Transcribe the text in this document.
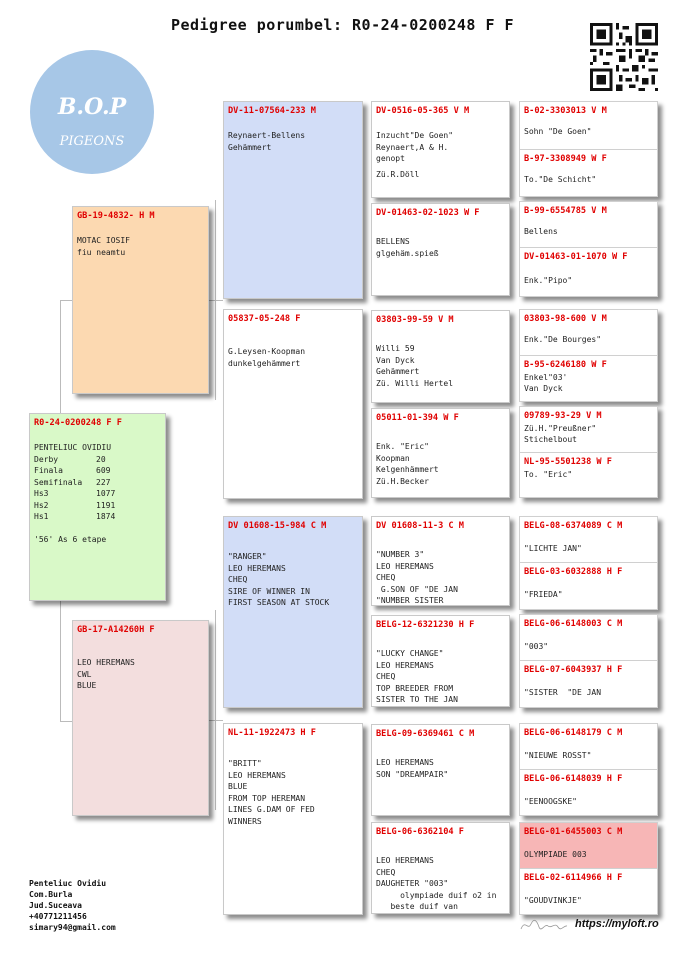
Pedigree porumbel: R0-24-0200248 F F
B.O.P
PIGEONS
R0-24-0200248 F F
PENTELIUC OVIDIU
Derby	20
Finala	609
Semifinala	227
Hs3	1077
Hs2	1191
Hs1	1874
'56' As 6 etape
GB-19-4832- H M
MOTAC IOSIF
fiu neamtu
GB-17-A14260H F
LEO HEREMANS
CWL
BLUE
DV-11-07564-233 M
Reynaert-Bellens
Gehämmert
05837-05-248 F
G.Leysen-Koopman
dunkelgehämmert
DV 01608-15-984 C M
"RANGER"
LEO HEREMANS
CHEQ
SIRE OF WINNER IN
FIRST SEASON AT STOCK
NL-11-1922473 H F
"BRITT"
LEO HEREMANS
BLUE
FROM TOP HEREMAN
LINES G.DAM OF FED
WINNERS
DV-0516-05-365 V M
Inzucht"De Goen"
Reynaert,A & H.
genopt
Zü.R.Döll
DV-01463-02-1023 W F
BELLENS
glgehäm.spieß
03803-99-59 V M
Willi 59
Van Dyck
Gehämmert
Zü. Willi Hertel
05011-01-394 W F
Enk. "Eric"
Koopman
Kelgenhämmert
Zü.H.Becker
DV 01608-11-3 C M
"NUMBER 3"
LEO HEREMANS
CHEQ
G.SON OF "DE JAN
"NUMBER SISTER
BELG-12-6321230 H F
"LUCKY CHANGE"
LEO HEREMANS
CHEQ
TOP BREEDER FROM
SISTER TO THE JAN
BELG-09-6369461 C M
LEO HEREMANS
SON "DREAMPAIR"
BELG-06-6362104 F
LEO HEREMANS
CHEQ
DAUGHETER "003"
olympiade duif o2 in
beste duif van
B-02-3303013 V M
Sohn "De Goen"
B-97-3308949 W F
To."De Schicht"
B-99-6554785 V M
Bellens
DV-01463-01-1070 W F
Enk."Pipo"
03803-98-600 V M
Enk."De Bourges"
B-95-6246180 W F
Enkel"03'
Van Dyck
09789-93-29 V M
Zü.H."Preußner"
Stichelbout
NL-95-5501238 W F
To. "Eric"
BELG-08-6374089 C M
"LICHTE JAN"
BELG-03-6032888 H F
"FRIEDA"
BELG-06-6148003 C M
"003"
BELG-07-6043937 H F
"SISTER  "DE JAN
BELG-06-6148179 C M
"NIEUWE ROSST"
BELG-06-6148039 H F
"EENOOGSKE"
BELG-01-6455003 C M
OLYMPIADE 003
BELG-02-6114966 H F
"GOUDVINKJE"
Penteliuc Ovidiu
Com.Burla
Jud.Suceava
+40771211456
simary94@gmail.com	https://myloft.ro
